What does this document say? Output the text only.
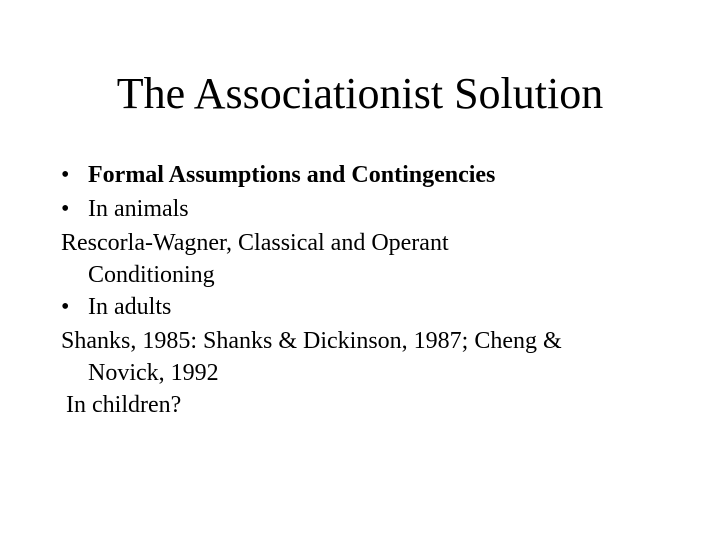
The Associationist Solution
• Formal Assumptions and Contingencies
• In animals
Rescorla-Wagner, Classical and Operant
Conditioning
• In adults
Shanks, 1985: Shanks & Dickinson, 1987; Cheng &
Novick, 1992
In children?
